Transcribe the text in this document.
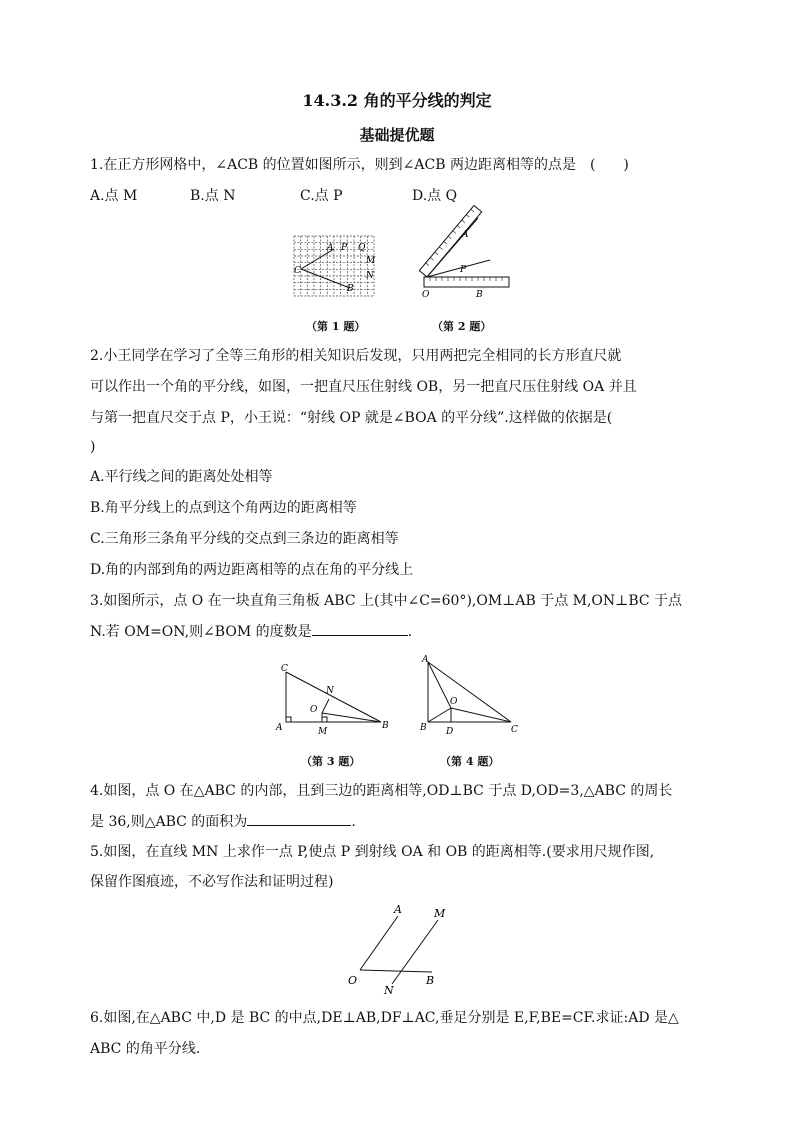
14.3.2 角的平分线的判定
基础提优题
1.在正方形网格中，∠ACB 的位置如图所示，则到∠ACB 两边距离相等的点是　(　　)
A.点 M	B.点 N	C.点 P	D.点 Q
A P Q
M
N
C
B
（第 1 题）
A
P
O	B
（第 2 题）
2.小王同学在学习了全等三角形的相关知识后发现，只用两把完全相同的长方形直尺就
可以作出一个角的平分线，如图，一把直尺压住射线 OB，另一把直尺压住射线 OA 并且
与第一把直尺交于点 P，小王说：“射线 OP 就是∠BOA 的平分线”.这样做的依据是(
)
A.平行线之间的距离处处相等
B.角平分线上的点到这个角两边的距离相等
C.三角形三条角平分线的交点到三条边的距离相等
D.角的内部到角的两边距离相等的点在角的平分线上
3.如图所示，点 O 在一块直角三角板 ABC 上(其中∠C=60°),OM⊥AB 于点 M,ON⊥BC 于点
N.若 OM=ON,则∠BOM 的度数是	.
C
N
O
A	M
B
（第 3 题）
A
O
B D	C
（第 4 题）
4.如图，点 O 在△ABC 的内部，且到三边的距离相等,OD⊥BC 于点 D,OD=3,△ABC 的周长
是 36,则△ABC 的面积为	.
5.如图，在直线 MN 上求作一点 P,使点 P 到射线 OA 和 OB 的距离相等.(要求用尺规作图,
保留作图痕迹，不必写作法和证明过程)
A	M
O	B
N
6.如图,在△ABC 中,D 是 BC 的中点,DE⊥AB,DF⊥AC,垂足分别是 E,F,BE=CF.求证:AD 是△
ABC 的角平分线.
